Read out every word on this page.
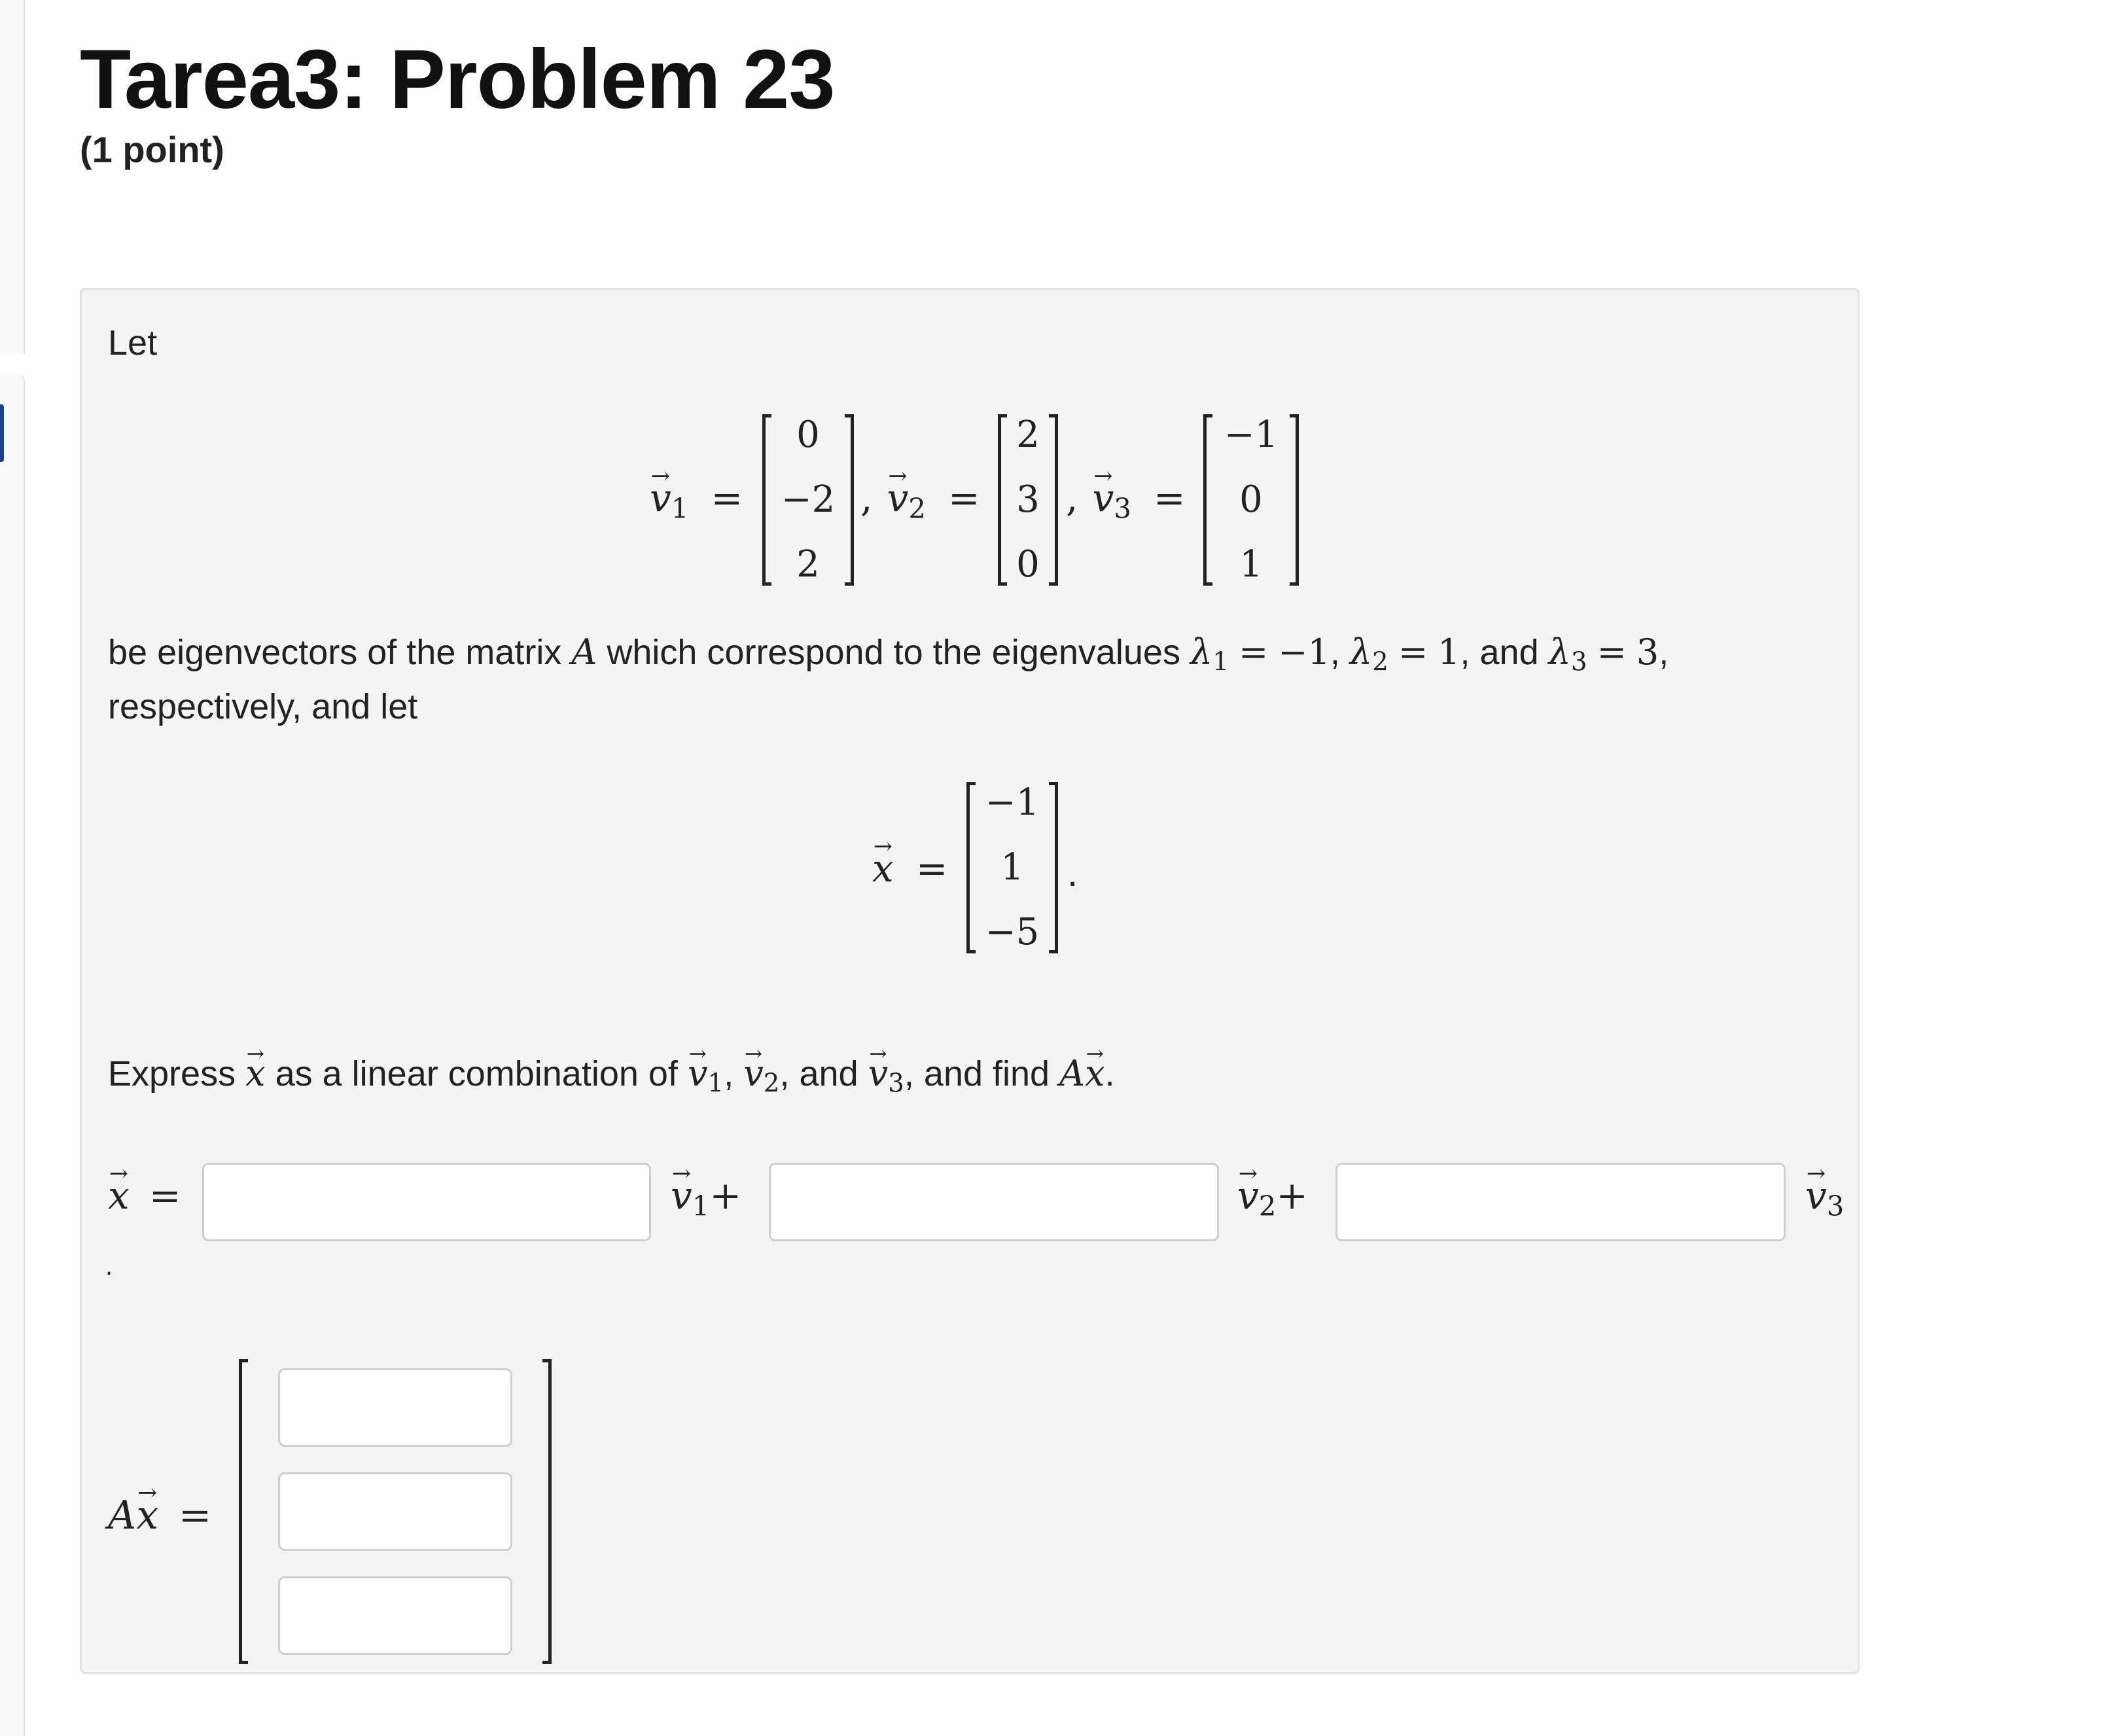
Tarea3: Problem 23
(1 point)
Let
→ $v_1$ =
0
−2
2
, → $v_2$ =
2
3
0
, → $v_3$ =
−1
0
1
be eigenvectors of the matrix A which correspond to the eigenvalues $\lambda_1 = -1$, $\lambda_2 = 1$, and $\lambda_3 = 3$,
respectively, and let
→ x =
−1
1
−5
.
Express → x as a linear combination of → $v_1$, → $v_2$, and → $v_3$, and find A→ x.
→ x =	→ $v_1+$	→ $v_2+$	→ $v_3$
.
A→ x =
